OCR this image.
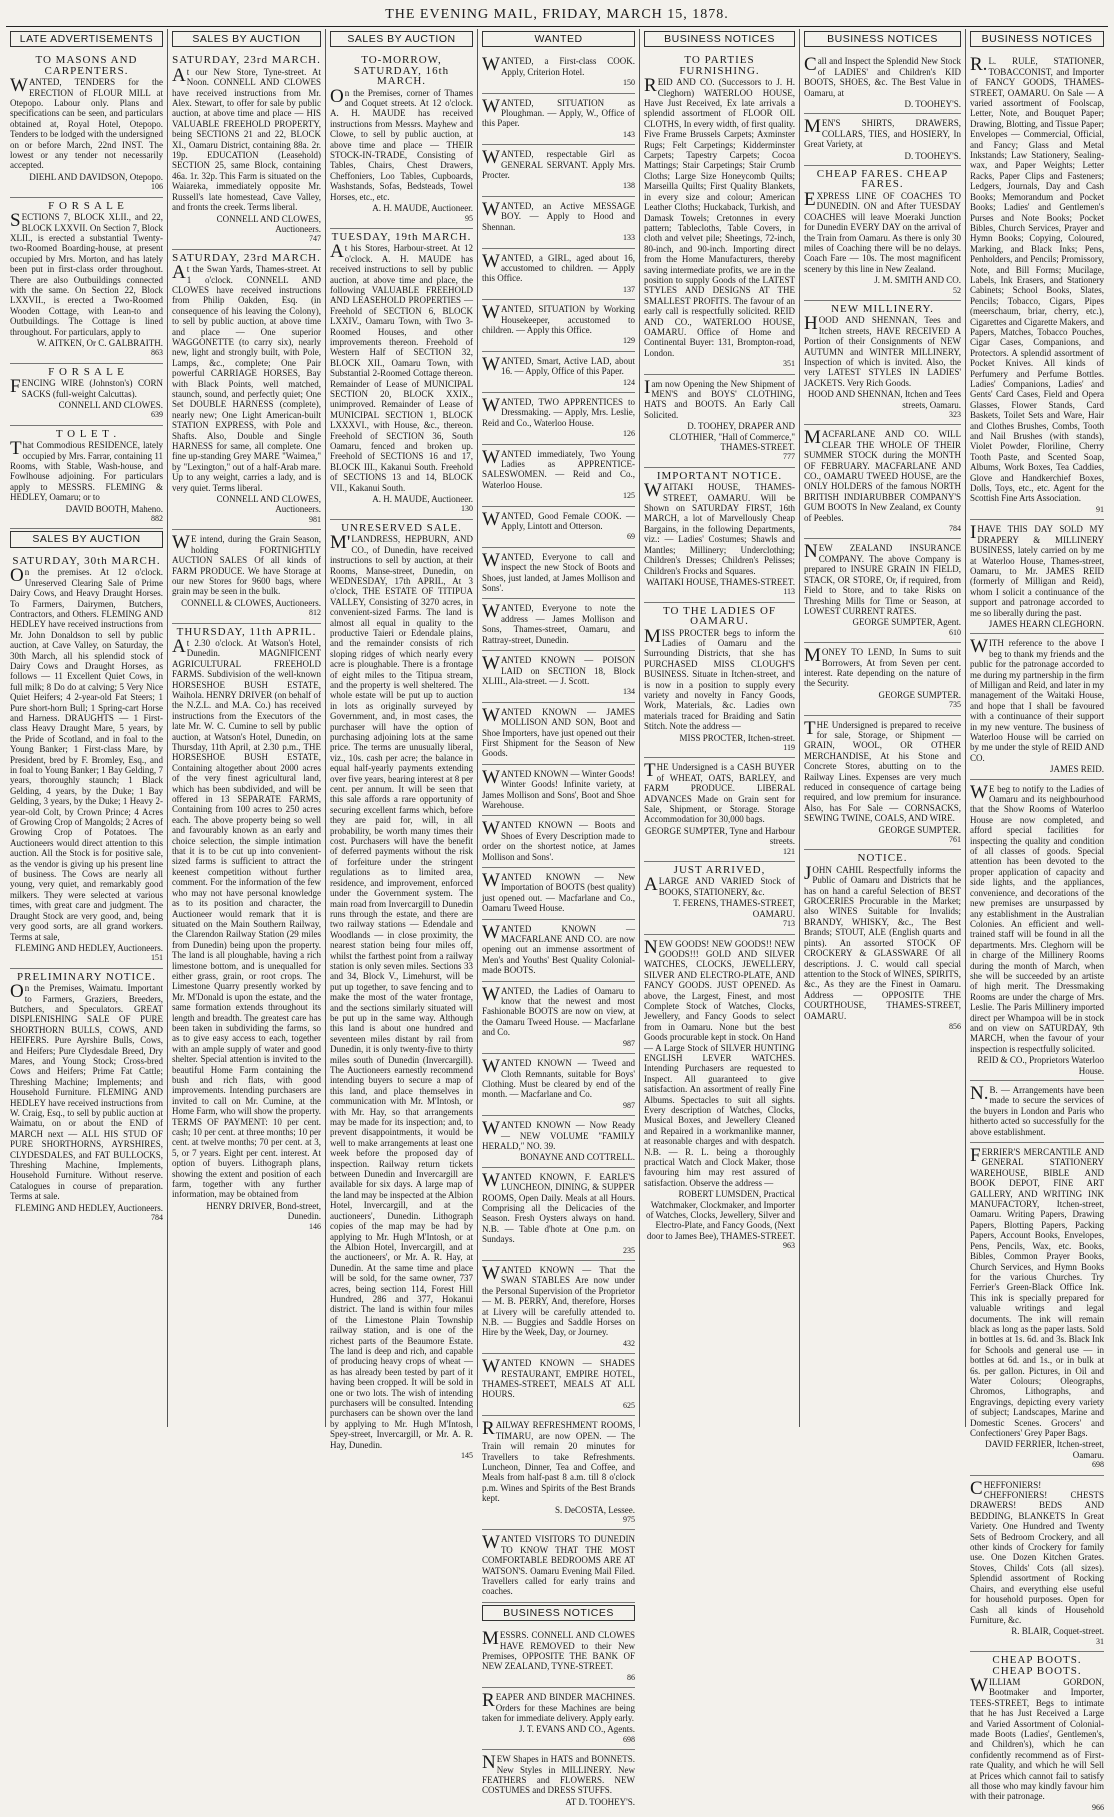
THE EVENING MAIL, FRIDAY, MARCH 15, 1878.
LATE ADVERTISEMENTS
TO MASONS AND CARPENTERS.

WANTED, TENDERS for the ERECTION of FLOUR MILL at Otepopo. Labour only. Plans and specifications can be seen, and particulars obtained at, Royal Hotel, Otepopo. Tenders to be lodged with the undersigned on or before March, 22nd INST. The lowest or any tender not necessarily accepted.

DIEHL AND DAVIDSON, Otepopo.
106
F O R S A L E

SECTIONS 7, BLOCK XLII., and 22, BLOCK LXXVII. On Section 7, Block XLII., is erected a substantial Twenty-two-Roomed Boarding-house, at present occupied by Mrs. Morton, and has lately been put in first-class order throughout. There are also Outbuildings connected with the same. On Section 22, Block LXXVII., is erected a Two-Roomed Wooden Cottage, with Lean-to and Outbuildings. The Cottage is lined throughout. For particulars, apply to

W. AITKEN, Or C. GALBRAITH.
863
F O R S A L E

FENCING WIRE (Johnston's) CORN SACKS (full-weight Calcuttas).

CONNELL AND CLOWES.
639
T O L E T .

That Commodious RESIDENCE, lately occupied by Mrs. Farrar, containing 11 Rooms, with Stable, Wash-house, and Fowlhouse adjoining. For particulars apply to MESSRS. FLEMING & HEDLEY, Oamaru; or to

DAVID BOOTH, Maheno.
882
SALES BY AUCTION
SATURDAY, 30th MARCH.

On the premises. At 12 o'clock. Unreserved Clearing Sale of Prime Dairy Cows, and Heavy Draught Horses. To Farmers, Dairymen, Butchers, Contractors, and Others. FLEMING AND HEDLEY have received instructions from Mr. John Donaldson to sell by public auction, at Cave Valley, on Saturday, the 30th March, all his splendid stock of Dairy Cows and Draught Horses, as follows — 11 Excellent Quiet Cows, in full milk; 8 Do do at calving; 5 Very Nice Quiet Heifers; 4 2-year-old Fat Steers; 1 Pure short-horn Bull; 1 Spring-cart Horse and Harness. DRAUGHTS — 1 First-class Heavy Draught Mare, 5 years, by the Pride of Scotland, and in foal to the Young Banker; 1 First-class Mare, by President, bred by F. Bromley, Esq., and in foal to Young Banker; 1 Bay Gelding, 7 years, thoroughly staunch; 1 Black Gelding, 4 years, by the Duke; 1 Bay Gelding, 3 years, by the Duke; 1 Heavy 2-year-old Colt, by Crown Prince; 4 Acres of Growing Crop of Mangolds; 2 Acres of Growing Crop of Potatoes. The Auctioneers would direct attention to this auction. All the Stock is for positive sale, as the vendor is giving up his present line of business. The Cows are nearly all young, very quiet, and remarkably good milkers. They were selected at various times, with great care and judgment. The Draught Stock are very good, and, being very good sorts, are all grand workers. Terms at sale,

FLEMING AND HEDLEY, Auctioneers.
151
PRELIMINARY NOTICE.

On the Premises, Waimatu. Important to Farmers, Graziers, Breeders, Butchers, and Speculators. GREAT DISPLENISHING SALE OF PURE SHORTHORN BULLS, COWS, AND HEIFERS. Pure Ayrshire Bulls, Cows, and Heifers; Pure Clydesdale Breed, Dry Mares, and Young Stock; Cross-bred Cows and Heifers; Prime Fat Cattle; Threshing Machine; Implements; and Household Furniture. FLEMING AND HEDLEY have received instructions from W. Craig, Esq., to sell by public auction at Waimatu, on or about the END of MARCH next — ALL HIS STUD OF PURE SHORTHORNS, AYRSHIRES, CLYDESDALES, and FAT BULLOCKS, Threshing Machine, Implements, Household Furniture. Without reserve. Catalogues in course of preparation. Terms at sale.

FLEMING AND HEDLEY, Auctioneers.
784
SALES BY AUCTION
SATURDAY, 23rd MARCH.

At our New Store, Tyne-street. At Noon. CONNELL AND CLOWES have received instructions from Mr. Alex. Stewart, to offer for sale by public auction, at above time and place — HIS VALUABLE FREEHOLD PROPERTY, being SECTIONS 21 and 22, BLOCK XI., Oamaru District, containing 88a. 2r. 19p. EDUCATION (Leasehold) SECTION 25, same Block, containing 46a. 1r. 32p. This Farm is situated on the Waiareka, immediately opposite Mr. Russell's late homestead, Cave Valley, and fronts the creek. Terms liberal.

CONNELL AND CLOWES, Auctioneers.
747
SATURDAY, 23rd MARCH.

At the Swan Yards, Thames-street. At 1 o'clock. CONNELL AND CLOWES have received instructions from Philip Oakden, Esq. (in consequence of his leaving the Colony), to sell by public auction, at above time and place — One superior WAGGONETTE (to carry six), nearly new, light and strongly built, with Pole, Lamps, &c., complete; One Pair powerful CARRIAGE HORSES, Bay with Black Points, well matched, staunch, sound, and perfectly quiet; One Set DOUBLE HARNESS (complete), nearly new; One Light American-built STATION EXPRESS, with Pole and Shafts. Also, Double and Single HARNESS for same, all complete. One fine up-standing Grey MARE "Waimea," by "Lexington," out of a half-Arab mare. Up to any weight, carries a lady, and is very quiet. Terms liberal.

CONNELL AND CLOWES, Auctioneers.
981

WE intend, during the Grain Season, holding FORTNIGHTLY AUCTION SALES Of all kinds of FARM PRODUCE. We have Storage at our new Stores for 9600 bags, where grain may be seen in the bulk.

CONNELL & CLOWES, Auctioneers.
812
THURSDAY, 11th APRIL.

At 2.30 o'clock. At Watson's Hotel, Dunedin. MAGNIFICENT AGRICULTURAL FREEHOLD FARMS. Subdivision of the well-known HORSESHOE BUSH ESTATE, Waihola. HENRY DRIVER (on behalf of the N.Z.L. and M.A. Co.) has received instructions from the Executors of the late Mr. W. C. Cumine to sell by public auction, at Watson's Hotel, Dunedin, on Thursday, 11th April, at 2.30 p.m., THE HORSESHOE BUSH ESTATE, Containing altogether about 2000 acres of the very finest agricultural land, which has been subdivided, and will be offered in 13 SEPARATE FARMS, Containing from 100 acres to 250 acres each. The above property being so well and favourably known as an early and choice selection, the simple intimation that it is to be cut up into convenient-sized farms is sufficient to attract the keenest competition without further comment. For the information of the few who may not have personal knowledge as to its position and character, the Auctioneer would remark that it is situated on the Main Southern Railway, the Clarendon Railway Station (29 miles from Dunedin) being upon the property. The land is all ploughable, having a rich limestone bottom, and is unequalled for either grass, grain, or root crops. The Limestone Quarry presently worked by Mr. M'Donald is upon the estate, and the same formation extends throughout its length and breadth. The greatest care has been taken in subdividing the farms, so as to give easy access to each, together with an ample supply of water and good shelter. Special attention is invited to the beautiful Home Farm containing the bush and rich flats, with good improvements. Intending purchasers are invited to call on Mr. Cumine, at the Home Farm, who will show the property. TERMS OF PAYMENT: 10 per cent. cash; 10 per cent. at three months; 10 per cent. at twelve months; 70 per cent. at 3, 5, or 7 years. Eight per cent. interest. At option of buyers. Lithograph plans, showing the extent and position of each farm, together with any further information, may be obtained from

HENRY DRIVER, Bond-street, Dunedin.
146
SALES BY AUCTION
TO-MORROW, SATURDAY, 16th MARCH.

On the Premises, corner of Thames and Coquet streets. At 12 o'clock. A. H. MAUDE has received instructions from Messrs. Mayhew and Clowe, to sell by public auction, at above time and place — THEIR STOCK-IN-TRADE, Consisting of Tables, Chairs, Chest Drawers, Cheffoniers, Loo Tables, Cupboards, Washstands, Sofas, Bedsteads, Towel Horses, etc., etc.

A. H. MAUDE, Auctioneer.
95
TUESDAY, 19th MARCH.

At his Stores, Harbour-street. At 12 o'clock. A. H. MAUDE has received instructions to sell by public auction, at above time and place, the following VALUABLE FREEHOLD AND LEASEHOLD PROPERTIES — Freehold of SECTION 6, BLOCK LXXIV., Oamaru Town, with Two 3-Roomed Houses, and other improvements thereon. Freehold of Western Half of SECTION 32, BLOCK XII., Oamaru Town, with Substantial 2-Roomed Cottage thereon. Remainder of Lease of MUNICIPAL SECTION 20, BLOCK XXIX., unimproved. Remainder of Lease of MUNICIPAL SECTION 1, BLOCK LXXXVI., with House, &c., thereon. Freehold of SECTION 36, South Oamaru, fenced and broken up. Freehold of SECTIONS 16 and 17, BLOCK III., Kakanui South. Freehold of SECTIONS 13 and 14, BLOCK VII., Kakanui South.

A. H. MAUDE, Auctioneer.
130
UNRESERVED SALE.

M'LANDRESS, HEPBURN, AND CO., of Dunedin, have received instructions to sell by auction, at their Rooms, Manse-street, Dunedin, on WEDNESDAY, 17th APRIL, At 3 o'clock, THE ESTATE OF TITIPUA VALLEY, Consisting of 3270 acres, in convenient-sized Farms. The land is almost all equal in quality to the productive Taieri or Edendale plains, and the remainder consists of rich sloping ridges of which nearly every acre is ploughable. There is a frontage of eight miles to the Titipua stream, and the property is well sheltered. The whole estate will be put up to auction in lots as originally surveyed by Government, and, in most cases, the purchaser will have the option of purchasing adjoining lots at the same price. The terms are unusually liberal, viz., 10s. cash per acre; the balance in equal half-yearly payments extending over five years, bearing interest at 8 per cent. per annum. It will be seen that this sale affords a rare opportunity of securing excellent farms which, before they are paid for, will, in all probability, be worth many times their cost. Purchasers will have the benefit of deferred payments without the risk of forfeiture under the stringent regulations as to limited area, residence, and improvement, enforced under the Government system. The main road from Invercargill to Dunedin runs through the estate, and there are two railway stations — Edendale and Woodlands — in close proximity, the nearest station being four miles off, whilst the farthest point from a railway station is only seven miles. Sections 33 and 34, Block V., Limehurst, will be put up together, to save fencing and to make the most of the water frontage, and the sections similarly situated will be put up in the same way. Although this land is about one hundred and seventeen miles distant by rail from Dunedin, it is only twenty-five to thirty miles south of Dunedin (Invercargill). The Auctioneers earnestly recommend intending buyers to secure a map of this land, and place themselves in communication with Mr. M'Intosh, or with Mr. Hay, so that arrangements may be made for its inspection; and, to prevent disappointments, it would be well to make arrangements at least one week before the proposed day of inspection. Railway return tickets between Dunedin and Invercargill are available for six days. A large map of the land may be inspected at the Albion Hotel, Invercargill, and at the auctioneers', Dunedin. Lithograph copies of the map may be had by applying to Mr. Hugh M'Intosh, or at the Albion Hotel, Invercargill, and at the auctioneers', or Mr. A. R. Hay, at Dunedin. At the same time and place will be sold, for the same owner, 737 acres, being section 114, Forest Hill Hundred, 286 and 377, Hokanui district. The land is within four miles of the Limestone Plain Township railway station, and is one of the richest parts of the Beaumore Estate. The land is deep and rich, and capable of producing heavy crops of wheat — as has already been tested by part of it having been cropped. It will be sold in one or two lots. The wish of intending purchasers will be consulted. Intending purchasers can be shown over the land by applying to Mr. Hugh M'Intosh, Spey-street, Invercargill, or Mr. A. R. Hay, Dunedin.

145
WANTED

WANTED, a First-class COOK. Apply, Criterion Hotel.

150

WANTED, SITUATION as Ploughman. — Apply, W., Office of this Paper.

143

WANTED, respectable Girl as GENERAL SERVANT. Apply Mrs. Procter.

138

WANTED, an Active MESSAGE BOY. — Apply to Hood and Shennan.

133

WANTED, a GIRL, aged about 16, accustomed to children. — Apply this Office.

137

WANTED, SITUATION by Working Housekeeper, accustomed to children. — Apply this Office.

129

WANTED, Smart, Active LAD, about 16. — Apply, Office of this Paper.

124

WANTED, TWO APPRENTICES to Dressmaking. — Apply, Mrs. Leslie, Reid and Co., Waterloo House.

126

WANTED immediately, Two Young Ladies as APPRENTICE-SALESWOMEN. — Reid and Co., Waterloo House.

125

WANTED, Good Female COOK. — Apply, Lintott and Otterson.

69

WANTED, Everyone to call and inspect the new Stock of Boots and Shoes, just landed, at James Mollison and Sons'.

WANTED, Everyone to note the address — James Mollison and Sons, Thames-street, Oamaru, and Rattray-street, Dunedin.

WANTED KNOWN — POISON LAID on SECTION 18, Block XLIII., Ala-street. — J. Scott.

134

WANTED KNOWN — JAMES MOLLISON AND SON, Boot and Shoe Importers, have just opened out their First Shipment for the Season of New Goods.

WANTED KNOWN — Winter Goods! Winter Goods! Infinite variety, at James Mollison and Sons', Boot and Shoe Warehouse.

WANTED KNOWN — Boots and Shoes of Every Description made to order on the shortest notice, at James Mollison and Sons'.

WANTED KNOWN — New Importation of BOOTS (best quality) just opened out. — Macfarlane and Co., Oamaru Tweed House.

WANTED KNOWN — MACFARLANE AND CO. are now opening out an immense assortment of Men's and Youths' Best Quality Colonial-made BOOTS.

WANTED, the Ladies of Oamaru to know that the newest and most Fashionable BOOTS are now on view, at the Oamaru Tweed House. — Macfarlane and Co.

987

WANTED KNOWN — Tweed and Cloth Remnants, suitable for Boys' Clothing. Must be cleared by end of the month. — Macfarlane and Co.

987

WANTED KNOWN — Now Ready — NEW VOLUME "FAMILY HERALD," NO. 39.

BONAYNE AND COTTRELL.

WANTED KNOWN, F. EARLE'S LUNCHEON, DINING, & SUPPER ROOMS, Open Daily. Meals at all Hours. Comprising all the Delicacies of the Season. Fresh Oysters always on hand. N.B. — Table d'hote at One p.m. on Sundays.

235

WANTED KNOWN — That the SWAN STABLES Are now under the Personal Supervision of the Proprietor — M. B. PERRY, And, therefore, Horses at Livery will be carefully attended to. N.B. — Buggies and Saddle Horses on Hire by the Week, Day, or Journey.

432

WANTED KNOWN — SHADES RESTAURANT, EMPIRE HOTEL, THAMES-STREET, MEALS AT ALL HOURS.

625

RAILWAY REFRESHMENT ROOMS, TIMARU, are now OPEN. — The Train will remain 20 minutes for Travellers to take Refreshments. Luncheon, Dinner, Tea and Coffee, and Meals from half-past 8 a.m. till 8 o'clock p.m. Wines and Spirits of the Best Brands kept.

S. DeCOSTA, Lessee.
975

WANTED VISITORS TO DUNEDIN TO KNOW THAT THE MOST COMFORTABLE BEDROOMS ARE AT WATSON'S. Oamaru Evening Mail Filed. Travellers called for early trains and coaches.

BUSINESS NOTICES

MESSRS. CONNELL AND CLOWES HAVE REMOVED to their New Premises, OPPOSITE THE BANK OF NEW ZEALAND, TYNE-STREET.

86

REAPER AND BINDER MACHINES. Orders for these Machines are being taken for immediate delivery. Apply early.

J. T. EVANS AND CO., Agents.
698

NEW Shapes in HATS and BONNETS. New Styles in MILLINERY. New FEATHERS and FLOWERS. NEW COSTUMES and DRESS STUFFS.

AT D. TOOHEY'S.
BUSINESS NOTICES
TO PARTIES FURNISHING.

REID AND CO. (Successors to J. H. Cleghorn) WATERLOO HOUSE, Have Just Received, Ex late arrivals a splendid assortment of FLOOR OIL CLOTHS, In every width, of first quality. Five Frame Brussels Carpets; Axminster Rugs; Felt Carpetings; Kidderminster Carpets; Tapestry Carpets; Cocoa Mattings; Stair Carpetings; Stair Crumb Cloths; Large Size Honeycomb Quilts; Marseilla Quilts; First Quality Blankets, in every size and colour; American Leather Cloths; Huckaback, Turkish, and Damask Towels; Cretonnes in every pattern; Tablecloths, Table Covers, in cloth and velvet pile; Sheetings, 72-inch, 80-inch, and 90-inch. Importing direct from the Home Manufacturers, thereby saving intermediate profits, we are in the position to supply Goods of the LATEST STYLES AND DESIGNS AT THE SMALLEST PROFITS. The favour of an early call is respectfully solicited. REID AND CO., WATERLOO HOUSE, OAMARU. Office of Home and Continental Buyer: 131, Brompton-road, London.

351

Iam now Opening the New Shipment of MEN'S and BOYS' CLOTHING, HATS and BOOTS. An Early Call Solicited.

D. TOOHEY, DRAPER AND CLOTHIER, "Hall of Commerce," THAMES-STREET.
777
IMPORTANT NOTICE.

WAITAKI HOUSE, THAMES-STREET, OAMARU. Will be Shown on SATURDAY FIRST, 16th MARCH, a lot of Marvellously Cheap Bargains, in the following Departments, viz.: — Ladies' Costumes; Shawls and Mantles; Millinery; Underclothing; Children's Dresses; Children's Pelisses; Children's Frocks and Squares.

WAITAKI HOUSE, THAMES-STREET.
113
TO THE LADIES OF OAMARU.

MISS PROCTER begs to inform the Ladies of Oamaru and the Surrounding Districts, that she has PURCHASED MISS CLOUGH'S BUSINESS. Situate in Itchen-street, and is now in a position to supply every variety and novelty in Fancy Goods, Work, Materials, &c. Ladies own materials traced for Braiding and Satin Stitch. Note the address —

MISS PROCTER, Itchen-street.
119

THE Undersigned is a CASH BUYER of WHEAT, OATS, BARLEY, and FARM PRODUCE. LIBERAL ADVANCES Made on Grain sent for Sale, Shipment, or Storage. Storage Accommodation for 30,000 bags.

GEORGE SUMPTER, Tyne and Harbour streets.
121
JUST ARRIVED,

ALARGE AND VARIED Stock of BOOKS, STATIONERY, &c.

T. FERENS, THAMES-STREET, OAMARU.
713

NEW GOODS! NEW GOODS!! NEW GOODS!!! GOLD AND SILVER WATCHES, CLOCKS, JEWELLERY, SILVER AND ELECTRO-PLATE, AND FANCY GOODS. JUST OPENED. As above, the Largest, Finest, and most Complete Stock of Watches, Clocks, Jewellery, and Fancy Goods to select from in Oamaru. None but the best Goods procurable kept in stock. On Hand — A Large Stock of SILVER HUNTING ENGLISH LEVER WATCHES. Intending Purchasers are requested to Inspect. All guaranteed to give satisfaction. An assortment of really Fine Albums. Spectacles to suit all sights. Every description of Watches, Clocks, Musical Boxes, and Jewellery Cleaned and Repaired in a workmanlike manner, at reasonable charges and with despatch. N.B. — R. L. being a thoroughly practical Watch and Clock Maker, those favouring him may rest assured of satisfaction. Observe the address —

ROBERT LUMSDEN, Practical Watchmaker, Clockmaker, and Importer of Watches, Clocks, Jewellery, Silver and Electro-Plate, and Fancy Goods, (Next door to James Bee), THAMES-STREET.
963
BUSINESS NOTICES

Call and Inspect the Splendid New Stock of LADIES' and Children's KID BOOTS, SHOES, &c. The Best Value in Oamaru, at

D. TOOHEY'S.

MEN'S SHIRTS, DRAWERS, COLLARS, TIES, and HOSIERY, In Great Variety, at

D. TOOHEY'S.
CHEAP FARES. CHEAP FARES.

EXPRESS LINE OF COACHES TO DUNEDIN. ON and After TUESDAY COACHES will leave Moeraki Junction for Dunedin EVERY DAY on the arrival of the Train from Oamaru. As there is only 30 miles of Coaching there will be no delays. Coach Fare — 10s. The most magnificent scenery by this line in New Zealand.

J. M. SMITH AND CO.
52
NEW MILLINERY.

HOOD AND SHENNAN, Tees and Itchen streets, HAVE RECEIVED A Portion of their Consignments of NEW AUTUMN and WINTER MILLINERY, Inspection of which is invited. Also, the very LATEST STYLES IN LADIES' JACKETS. Very Rich Goods.

HOOD AND SHENNAN, Itchen and Tees streets, Oamaru.
323

MACFARLANE AND CO. WILL CLEAR THE WHOLE OF THEIR SUMMER STOCK during the MONTH OF FEBRUARY. MACFARLANE AND CO., OAMARU TWEED HOUSE, are the ONLY HOLDERS of the famous NORTH BRITISH INDIARUBBER COMPANY'S GUM BOOTS In New Zealand, ex County of Peebles.

784

NEW ZEALAND INSURANCE COMPANY. The above Company is prepared to INSURE GRAIN IN FIELD, STACK, OR STORE, Or, if required, from Field to Store, and to take Risks on Threshing Mills for Time or Season, at LOWEST CURRENT RATES.

GEORGE SUMPTER, Agent.
610

MONEY TO LEND, In Sums to suit Borrowers, At from Seven per cent. interest. Rate depending on the nature of the Security.

GEORGE SUMPTER.
735

THE Undersigned is prepared to receive for sale, Storage, or Shipment — GRAIN, WOOL, OR OTHER MERCHANDISE, At his Stone and Concrete Stores, abutting on to the Railway Lines. Expenses are very much reduced in consequence of cartage being required, and low premium for insurance. Also, has For Sale — CORNSACKS, SEWING TWINE, COALS, AND WIRE.

GEORGE SUMPTER.
761
NOTICE.

JOHN CAHIL Respectfully informs the Public of Oamaru and Districts that he has on hand a careful Selection of BEST GROCERIES Procurable in the Market; also WINES Suitable for Invalids; BRANDY, WHISKY, &c., The Best Brands; STOUT, ALE (English quarts and pints). An assorted STOCK OF CROCKERY & GLASSWARE Of all descriptions. J. C. would call special attention to the Stock of WINES, SPIRITS, &c., As they are the Finest in Oamaru. Address — OPPOSITE THE COURTHOUSE, THAMES-STREET, OAMARU.

856
BUSINESS NOTICES

R.L. RULE, STATIONER, TOBACCONIST, and Importer of FANCY GOODS, THAMES-STREET, OAMARU. On Sale — A varied assortment of Foolscap, Letter, Note, and Bouquet Paper; Drawing, Blotting, and Tissue Paper; Envelopes — Commercial, Official, and Fancy; Glass and Metal Inkstands; Law Stationery, Sealing-wax, and Paper Weights; Letter Racks, Paper Clips and Fasteners; Ledgers, Journals, Day and Cash Books; Memorandum and Pocket Books; Ladies' and Gentlemen's Purses and Note Books; Pocket Bibles, Church Services, Prayer and Hymn Books; Copying, Coloured, Marking, and Black Inks; Pens, Penholders, and Pencils; Promissory, Note, and Bill Forms; Mucilage, Labels, Ink Erasers, and Stationery Cabinets; School Books, Slates, Pencils; Tobacco, Cigars, Pipes (meerschaum, briar, cherry, etc.), Cigarettes and Cigarette Makers, and Papers, Matches, Tobacco Pouches, Cigar Cases, Companions, and Protectors. A splendid assortment of Pocket Knives. All kinds of Perfumery and Perfume Bottles. Ladies' Companions, Ladies' and Gents' Card Cases, Field and Opera Glasses, Flower Stands, Card Baskets, Toilet Sets and Ware, Hair and Clothes Brushes, Combs, Tooth and Nail Brushes (with stands), Violet Powder, Floriline, Cherry Tooth Paste, and Scented Soap, Albums, Work Boxes, Tea Caddies, Glove and Handkerchief Boxes, Dolls, Toys, etc., etc. Agent for the Scottish Fine Arts Association.

91

IHAVE THIS DAY SOLD MY DRAPERY & MILLINERY BUSINESS, lately carried on by me at Waterloo House, Thames-street, Oamaru, to Mr. JAMES REID (formerly of Milligan and Reid), whom I solicit a continuance of the support and patronage accorded to me so liberally during the past.

JAMES HEARN CLEGHORN.

WITH reference to the above I beg to thank my friends and the public for the patronage accorded to me during my partnership in the firm of Milligan and Reid, and later in my management of the Waitaki House, and hope that I shall be favoured with a continuance of their support in my new venture. The business of Waterloo House will be carried on by me under the style of REID AND CO.

JAMES REID.

WE beg to notify to the Ladies of Oamaru and its neighbourhood that the Show Rooms of Waterloo House are now completed, and afford special facilities for inspecting the quality and condition of all classes of goods. Special attention has been devoted to the proper application of capacity and side lights, and the appliances, convenience, and decorations of the new premises are unsurpassed by any establishment in the Australian Colonies. An efficient and well-trained staff will be found in all the departments. Mrs. Cleghorn will be in charge of the Millinery Rooms during the month of March, when she will be succeeded by an artiste of high merit. The Dressmaking Rooms are under the charge of Mrs. Leslie. The Paris Millinery imported direct per Whampoa will be in stock and on view on SATURDAY, 9th MARCH, when the favour of your inspection is respectfully solicited.

REID & CO., Proprietors Waterloo House.

N.B. — Arrangements have been made to secure the services of the buyers in London and Paris who hitherto acted so successfully for the above establishment.

FERRIER'S MERCANTILE AND GENERAL STATIONERY WAREHOUSE, BIBLE AND BOOK DEPOT, FINE ART GALLERY, AND WRITING INK MANUFACTORY, Itchen-street, Oamaru. Writing Papers, Drawing Papers, Blotting Papers, Packing Papers, Account Books, Envelopes, Pens, Pencils, Wax, etc. Books, Bibles, Common Prayer Books, Church Services, and Hymn Books for the various Churches. Try Ferrier's Green-Black Office Ink. This ink is specially prepared for valuable writings and legal documents. The ink will remain black as long as the paper lasts. Sold in bottles at 1s. 6d. and 3s. Black Ink for Schools and general use — in bottles at 6d. and 1s., or in bulk at 6s. per gallon. Pictures, in Oil and Water Colours; Oleographs, Chromos, Lithographs, and Engravings, depicting every variety of subject; Landscapes, Marine and Domestic Scenes. Grocers' and Confectioners' Grey Paper Bags.

DAVID FERRIER, Itchen-street, Oamaru.
698

CHEFFONIERS! CHEFFONIERS! CHESTS DRAWERS! BEDS AND BEDDING, BLANKETS In Great Variety. One Hundred and Twenty Sets of Bedroom Crockery, and all other kinds of Crockery for family use. One Dozen Kitchen Grates. Stoves, Childs' Cots (all sizes). Splendid assortment of Rocking Chairs, and everything else useful for household purposes. Open for Cash all kinds of Household Furniture, &c.

R. BLAIR, Coquet-street.
31
CHEAP BOOTS. CHEAP BOOTS.

WILLIAM GORDON, Bootmaker and Importer, TEES-STREET, Begs to intimate that he has Just Received a Large and Varied Assortment of Colonial-made Boots (Ladies', Gentlemen's, and Children's), which he can confidently recommend as of First-rate Quality, and which he will Sell at Prices which cannot fail to satisfy all those who may kindly favour him with their patronage.

966
